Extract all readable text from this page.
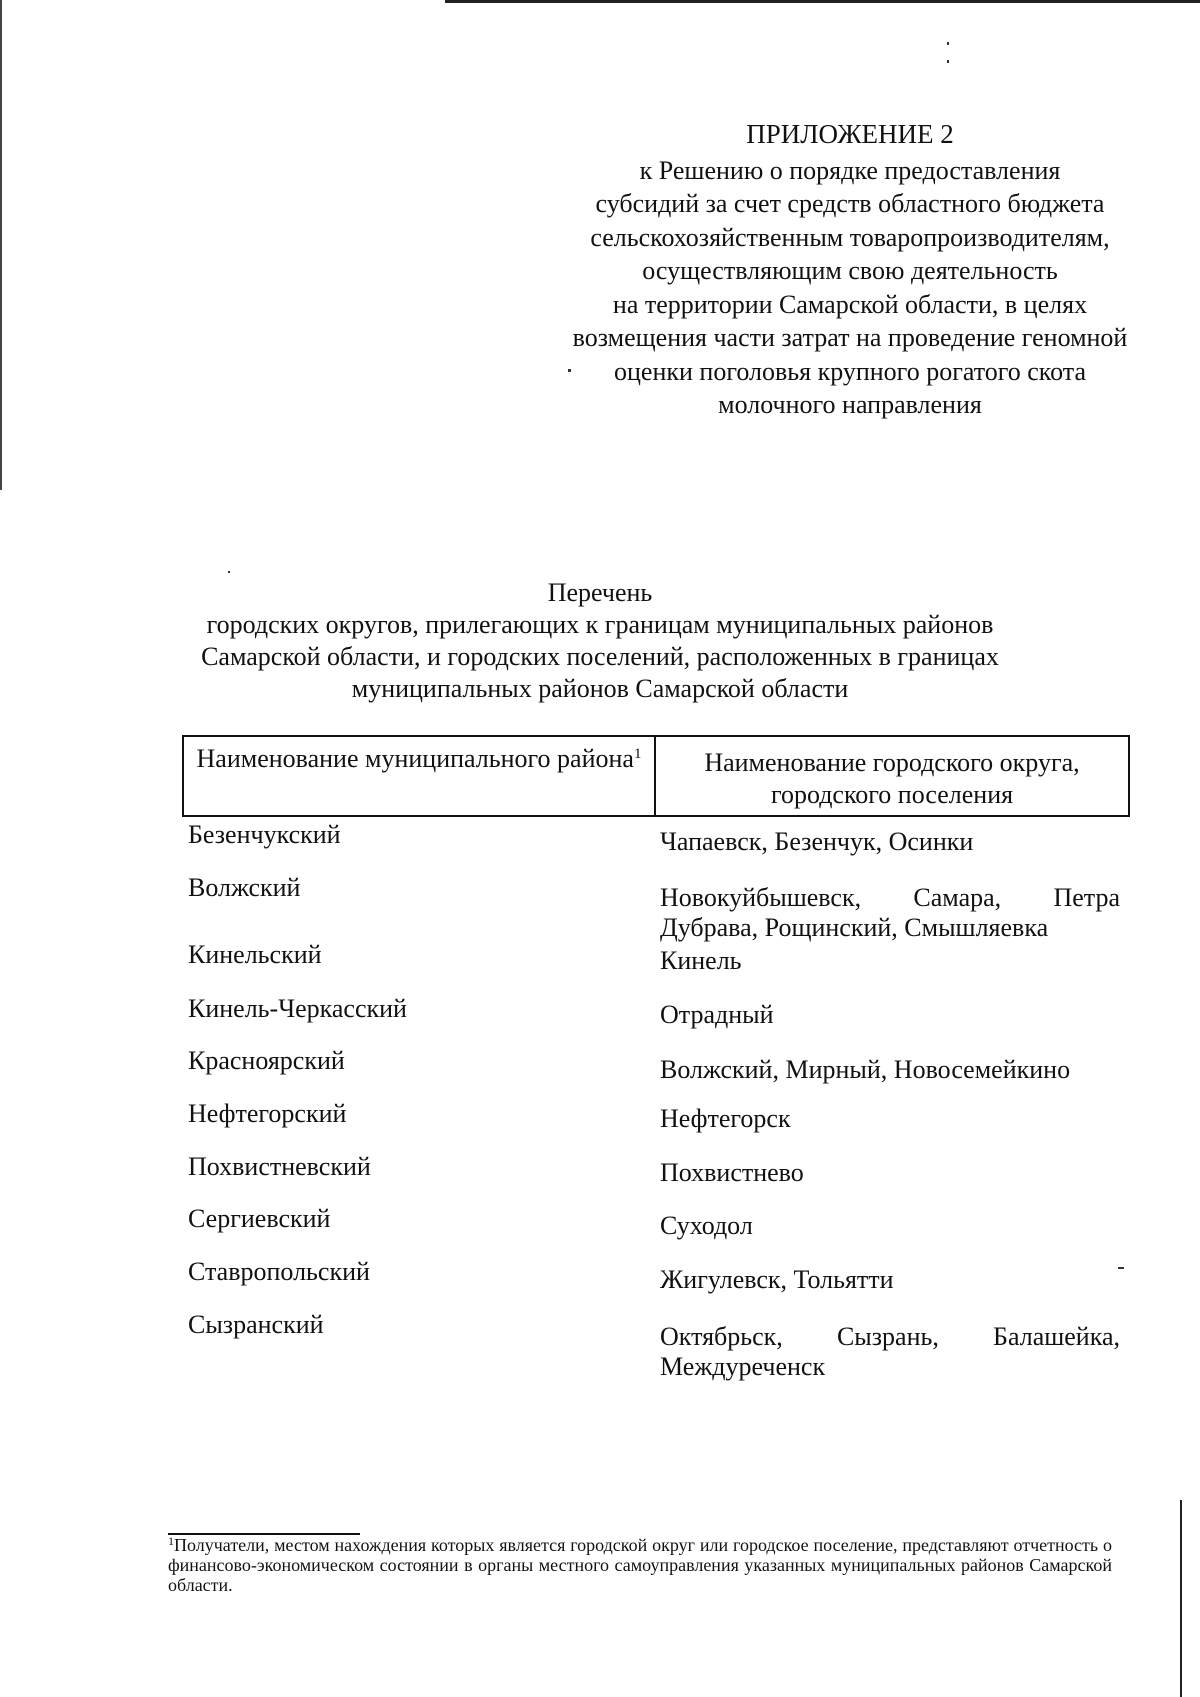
ПРИЛОЖЕНИЕ 2
к Решению о порядке предоставления
субсидий за счет средств областного бюджета
сельскохозяйственным товаропроизводителям,
осуществляющим свою деятельность
на территории Самарской области, в целях
возмещения части затрат на проведение геномной
оценки поголовья крупного рогатого скота
молочного направления
Перечень
городских округов, прилегающих к границам муниципальных районов
Самарской области, и городских поселений, расположенных в границах
муниципальных районов Самарской области
Наименование муниципального района$^1$	Наименование городского округа, городского поселения
Безенчукский	Чапаевск, Безенчук, Осинки
Волжский	Новокуйбышевск, Самара, Петра Дубрава, Рощинский, Смышляевка
Кинельский	Кинель
Кинель-Черкасский	Отрадный
Красноярский	Волжский, Мирный, Новосемейкино
Нефтегорский	Нефтегорск
Похвистневский	Похвистнево
Сергиевский	Суходол
Ставропольский	Жигулевск, Тольятти
Сызранский	Октябрьск, Сызрань, Балашейка, Междуреченск
$^1$Получатели, местом нахождения которых является городской округ или городское поселение, представляют отчетность о финансово-экономическом состоянии в органы местного самоуправления указанных муниципальных районов Самарской области.
